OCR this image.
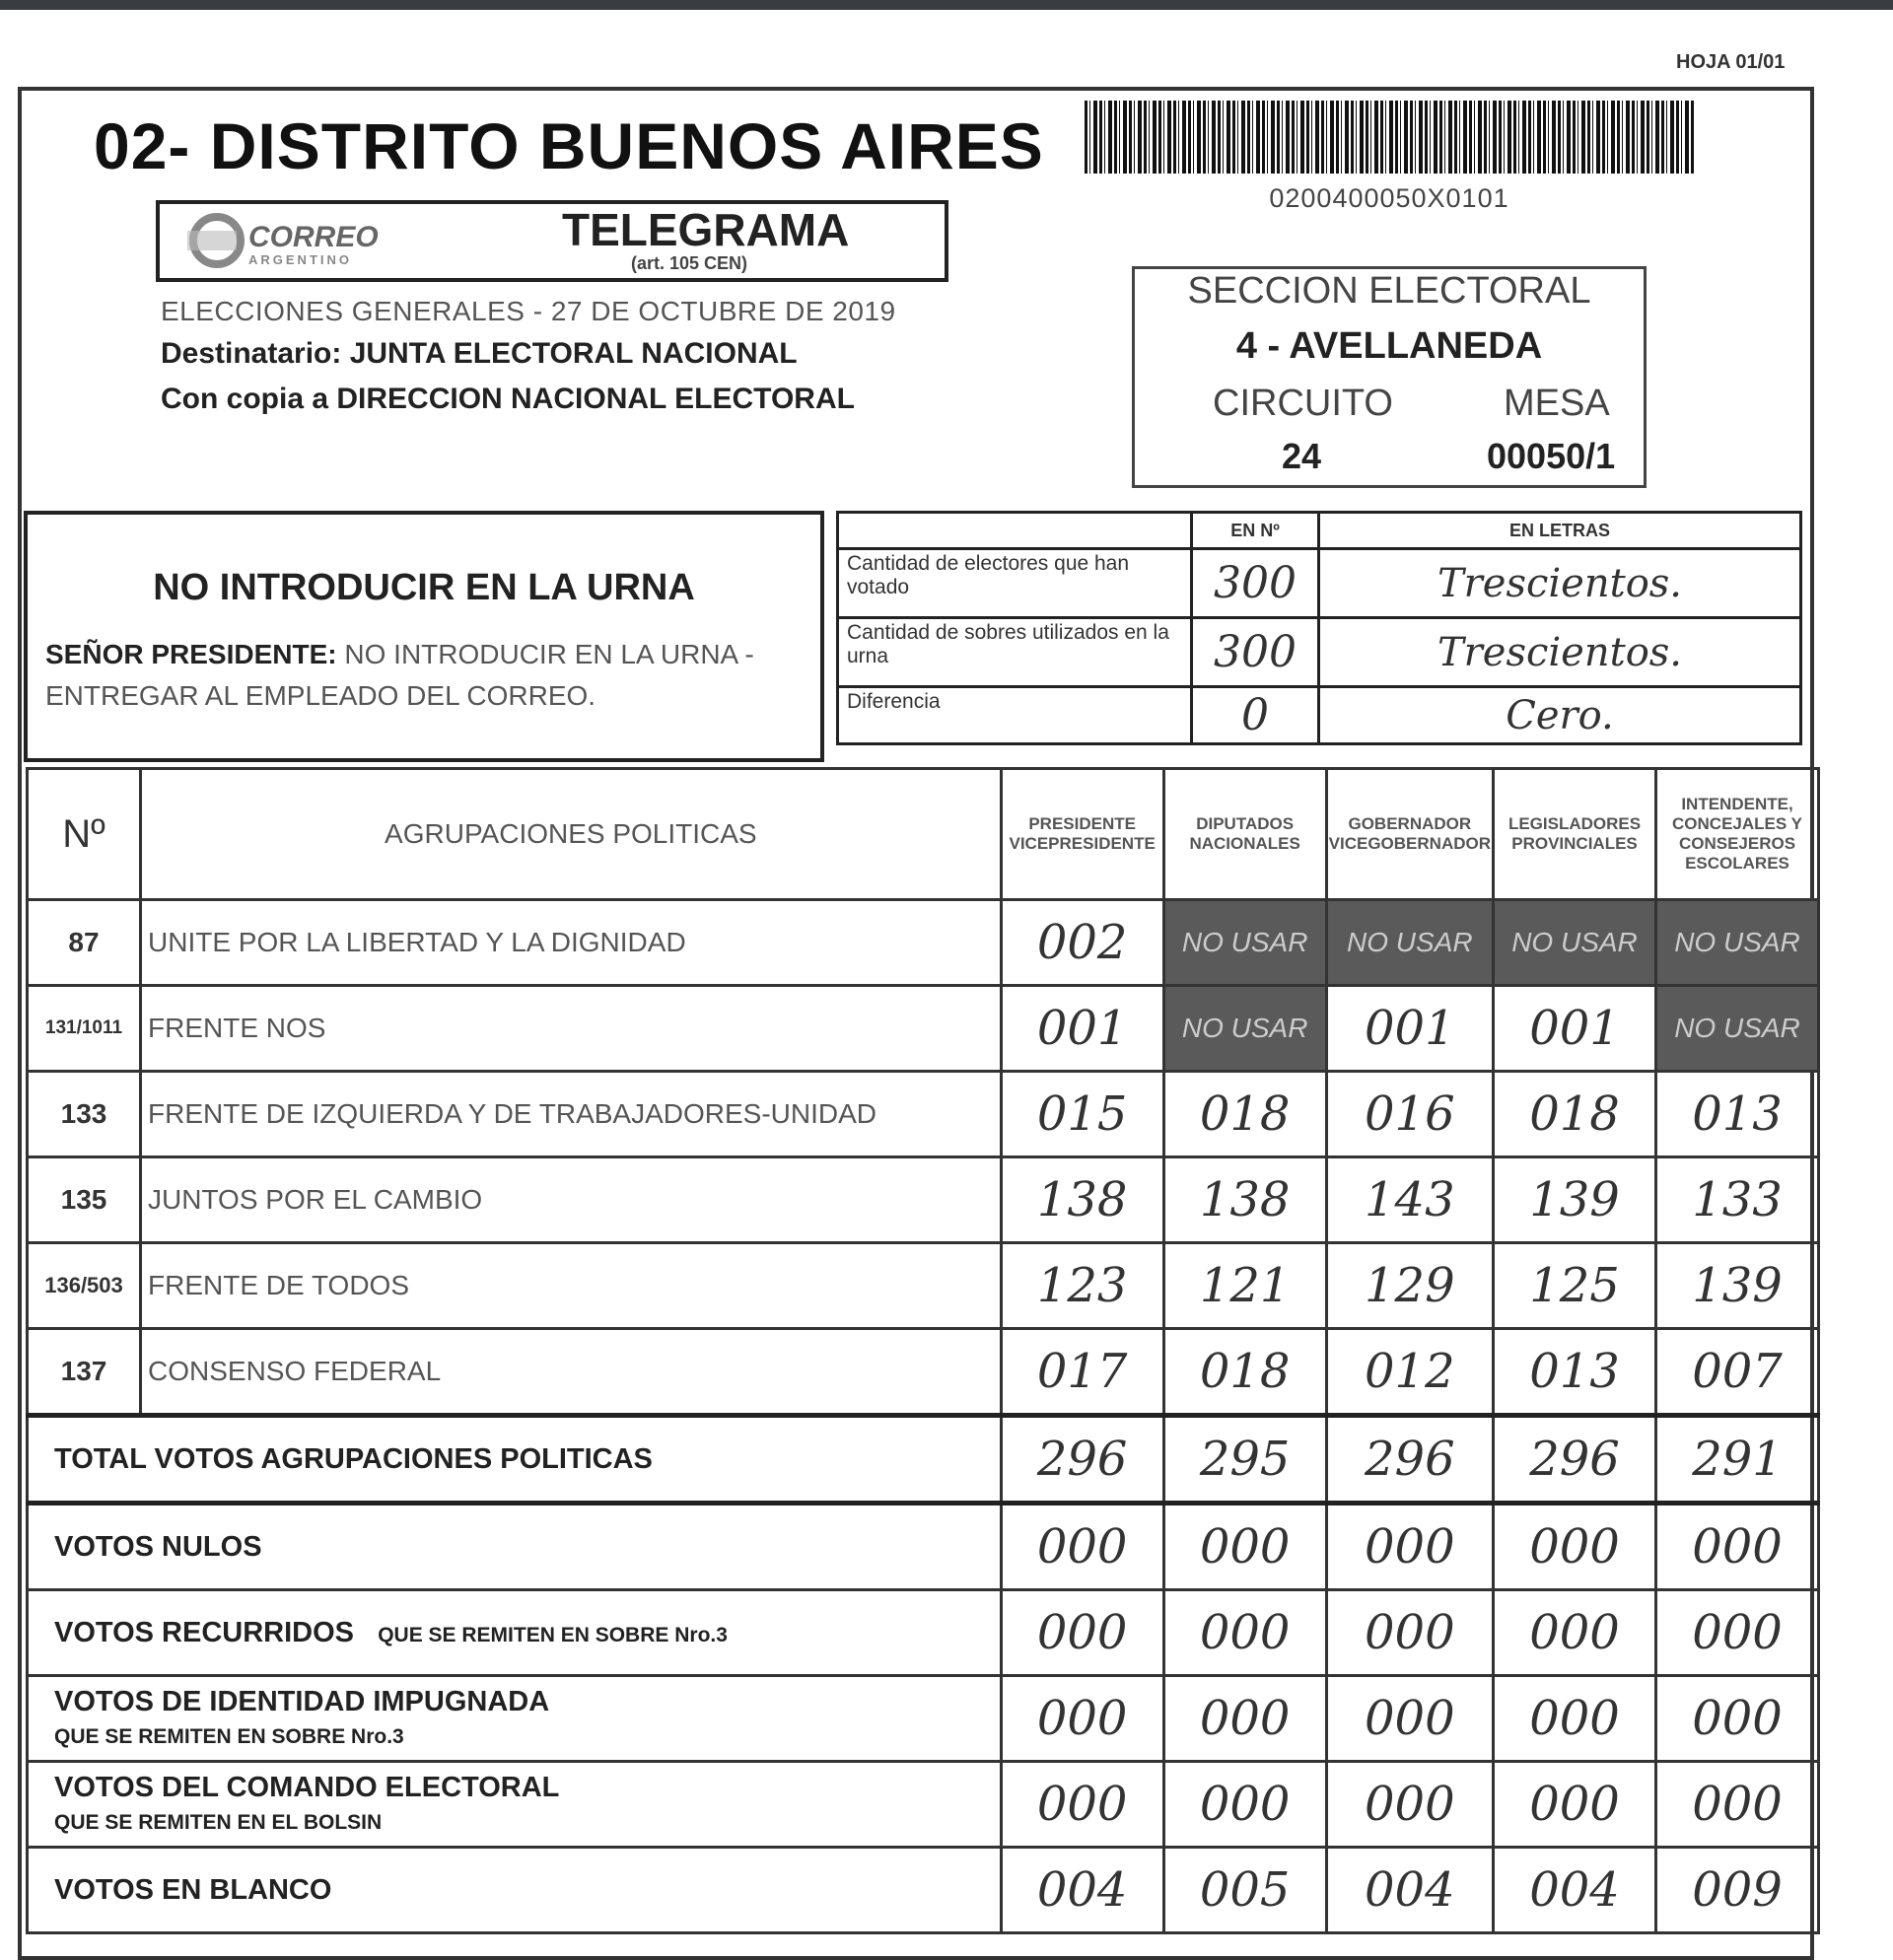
HOJA 01/01
02- DISTRITO BUENOS AIRES
0200400050X0101
CORREO
ARGENTINO
TELEGRAMA
(art. 105 CEN)
ELECCIONES GENERALES - 27 DE OCTUBRE DE 2019
Destinatario: JUNTA ELECTORAL NACIONAL
Con copia a DIRECCION NACIONAL ELECTORAL
SECCION ELECTORAL
4 - AVELLANEDA
CIRCUITO	MESA
24	00050/1
NO INTRODUCIR EN LA URNA
SEÑOR PRESIDENTE: NO INTRODUCIR EN LA URNA - ENTREGAR AL EMPLEADO DEL CORREO.
	EN Nº	EN LETRAS
Cantidad de electores que han votado	300	Trescientos.
Cantidad de sobres utilizados en la urna	300	Trescientos.
Diferencia	0	Cero.
Nº	AGRUPACIONES POLITICAS	PRESIDENTE VICEPRESIDENTE	DIPUTADOS NACIONALES	GOBERNADOR VICEGOBERNADOR	LEGISLADORES PROVINCIALES	INTENDENTE, CONCEJALES Y CONSEJEROS ESCOLARES
87	UNITE POR LA LIBERTAD Y LA DIGNIDAD	002	NO USAR	NO USAR	NO USAR	NO USAR
131/1011	FRENTE NOS	001	NO USAR	001	001	NO USAR
133	FRENTE DE IZQUIERDA Y DE TRABAJADORES-UNIDAD	015	018	016	018	013
135	JUNTOS POR EL CAMBIO	138	138	143	139	133
136/503	FRENTE DE TODOS	123	121	129	125	139
137	CONSENSO FEDERAL	017	018	012	013	007
TOTAL VOTOS AGRUPACIONES POLITICAS		296	295	296	296	291
VOTOS NULOS		000	000	000	000	000
VOTOS RECURRIDOS QUE SE REMITEN EN SOBRE Nro.3		000	000	000	000	000
VOTOS DE IDENTIDAD IMPUGNADA
QUE SE REMITEN EN SOBRE Nro.3		000	000	000	000	000
VOTOS DEL COMANDO ELECTORAL
QUE SE REMITEN EN EL BOLSIN		000	000	000	000	000
VOTOS EN BLANCO		004	005	004	004	009
